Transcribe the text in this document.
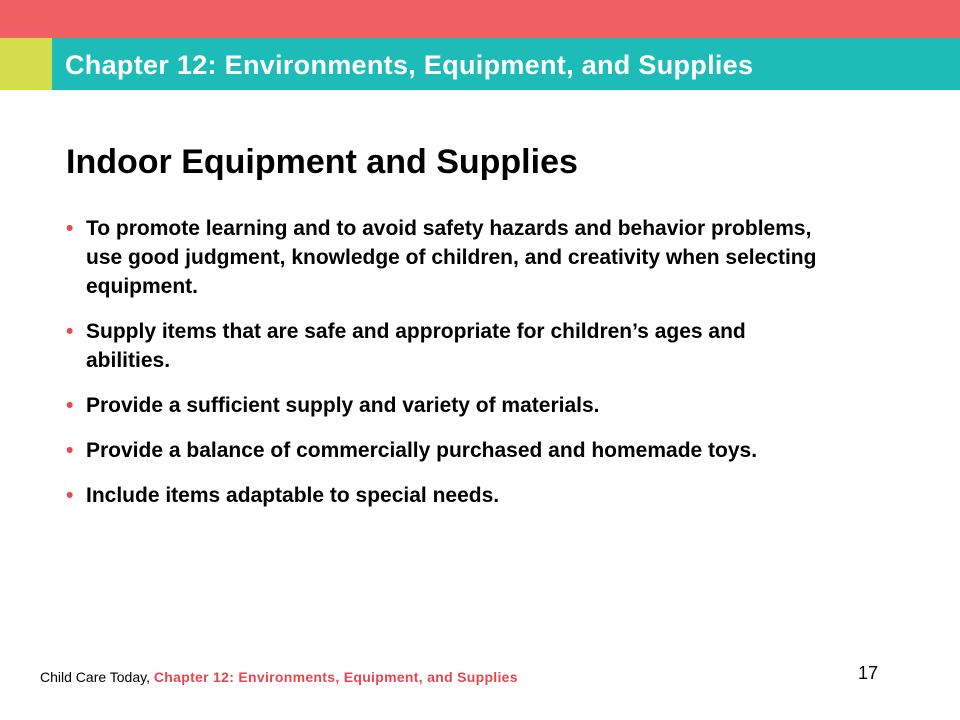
Chapter 12: Environments, Equipment, and Supplies
Indoor Equipment and Supplies
• To promote learning and to avoid safety hazards and behavior problems, use good judgment, knowledge of children, and creativity when selecting equipment.
• Supply items that are safe and appropriate for children’s ages and abilities.
• Provide a sufficient supply and variety of materials.
• Provide a balance of commercially purchased and homemade toys.
• Include items adaptable to special needs.
Child Care Today, Chapter 12: Environments, Equipment, and Supplies	17
